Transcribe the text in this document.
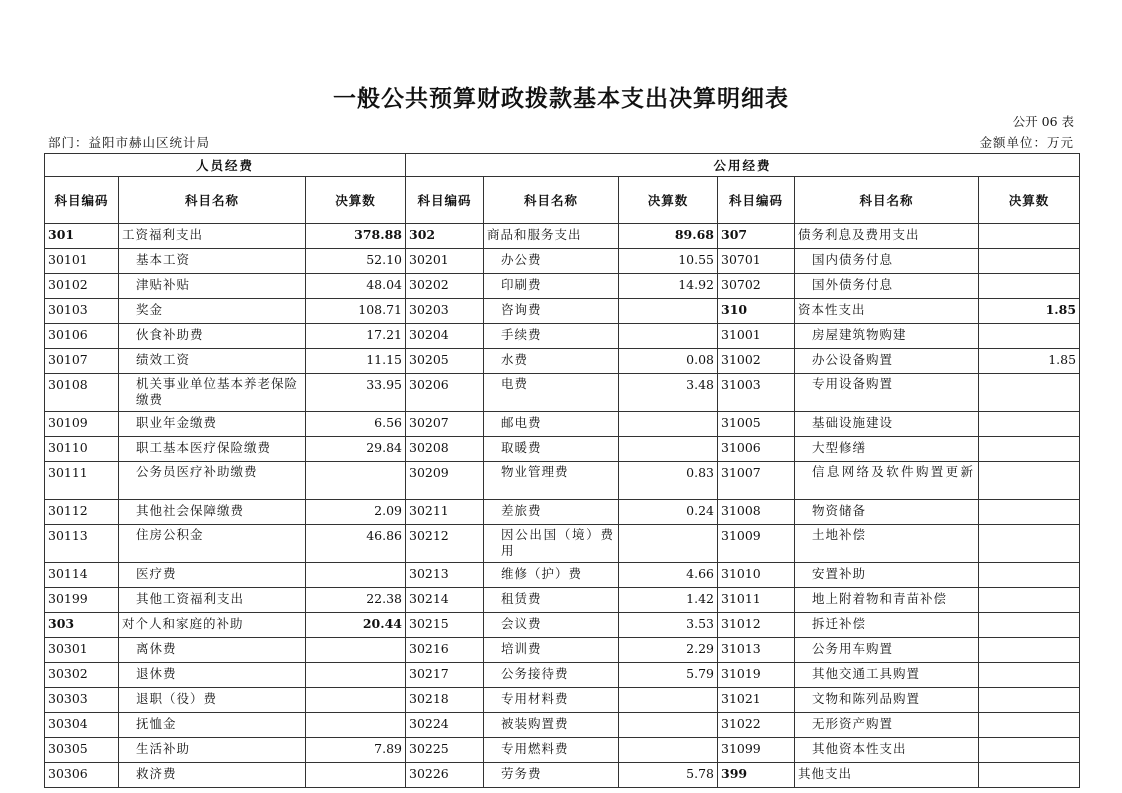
一般公共预算财政拨款基本支出决算明细表
公开 06 表
部门：益阳市赫山区统计局	金额单位：万元
人员经费			公用经费					
科目编码	科目名称	决算数	科目编码	科目名称	决算数	科目编码	科目名称	决算数
301	工资福利支出	378.88	302	商品和服务支出	89.68	307	债务利息及费用支出	
30101	基本工资	52.10	30201	办公费	10.55	30701	国内债务付息	
30102	津贴补贴	48.04	30202	印刷费	14.92	30702	国外债务付息	
30103	奖金	108.71	30203	咨询费		310	资本性支出	1.85
30106	伙食补助费	17.21	30204	手续费		31001	房屋建筑物购建	
30107	绩效工资	11.15	30205	水费	0.08	31002	办公设备购置	1.85
30108	机关事业单位基本养老保险缴费	33.95	30206	电费	3.48	31003	专用设备购置	
30109	职业年金缴费	6.56	30207	邮电费		31005	基础设施建设	
30110	职工基本医疗保险缴费	29.84	30208	取暖费		31006	大型修缮	
30111	公务员医疗补助缴费		30209	物业管理费	0.83	31007	信息网络及软件购置更新	
30112	其他社会保障缴费	2.09	30211	差旅费	0.24	31008	物资储备	
30113	住房公积金	46.86	30212	因公出国（境）费用		31009	土地补偿	
30114	医疗费		30213	维修（护）费	4.66	31010	安置补助	
30199	其他工资福利支出	22.38	30214	租赁费	1.42	31011	地上附着物和青苗补偿	
303	对个人和家庭的补助	20.44	30215	会议费	3.53	31012	拆迁补偿	
30301	离休费		30216	培训费	2.29	31013	公务用车购置	
30302	退休费		30217	公务接待费	5.79	31019	其他交通工具购置	
30303	退职（役）费		30218	专用材料费		31021	文物和陈列品购置	
30304	抚恤金		30224	被装购置费		31022	无形资产购置	
30305	生活补助	7.89	30225	专用燃料费		31099	其他资本性支出	
30306	救济费		30226	劳务费	5.78	399	其他支出	
